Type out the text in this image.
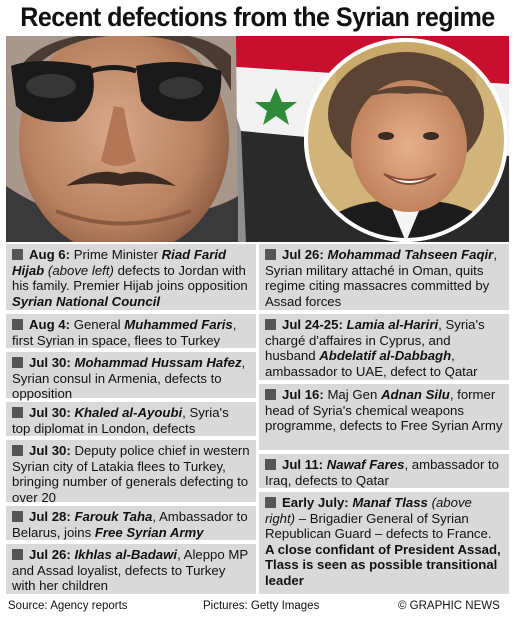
Recent defections from the Syrian regime
Aug 6: Prime Minister Riad Farid Hijab (above left) defects to Jordan with his family. Premier Hijab joins opposition Syrian National Council
Aug 4: General Muhammed Faris, first Syrian in space, flees to Turkey
Jul 30: Mohammad Hussam Hafez, Syrian consul in Armenia, defects to opposition
Jul 30: Khaled al-Ayoubi, Syria's top diplomat in London, defects
Jul 30: Deputy police chief in western Syrian city of Latakia flees to Turkey, bringing number of generals defecting to over 20
Jul 28: Farouk Taha, Ambassador to Belarus, joins Free Syrian Army
Jul 26: Ikhlas al-Badawi, Aleppo MP and Assad loyalist, defects to Turkey with her children
Jul 26: Mohammad Tahseen Faqir, Syrian military attaché in Oman, quits regime citing massacres committed by Assad forces
Jul 24-25: Lamia al-Hariri, Syria's chargé d'affaires in Cyprus, and husband Abdelatif al-Dabbagh, ambassador to UAE, defect to Qatar
Jul 16: Maj Gen Adnan Silu, former head of Syria's chemical weapons programme, defects to Free Syrian Army
Jul 11: Nawaf Fares, ambassador to Iraq, defects to Qatar
Early July: Manaf Tlass (above right) – Brigadier General of Syrian Republican Guard – defects to France. A close confidant of President Assad, Tlass is seen as possible transitional leader
Source: Agency reports	Pictures: Getty Images	© GRAPHIC NEWS
